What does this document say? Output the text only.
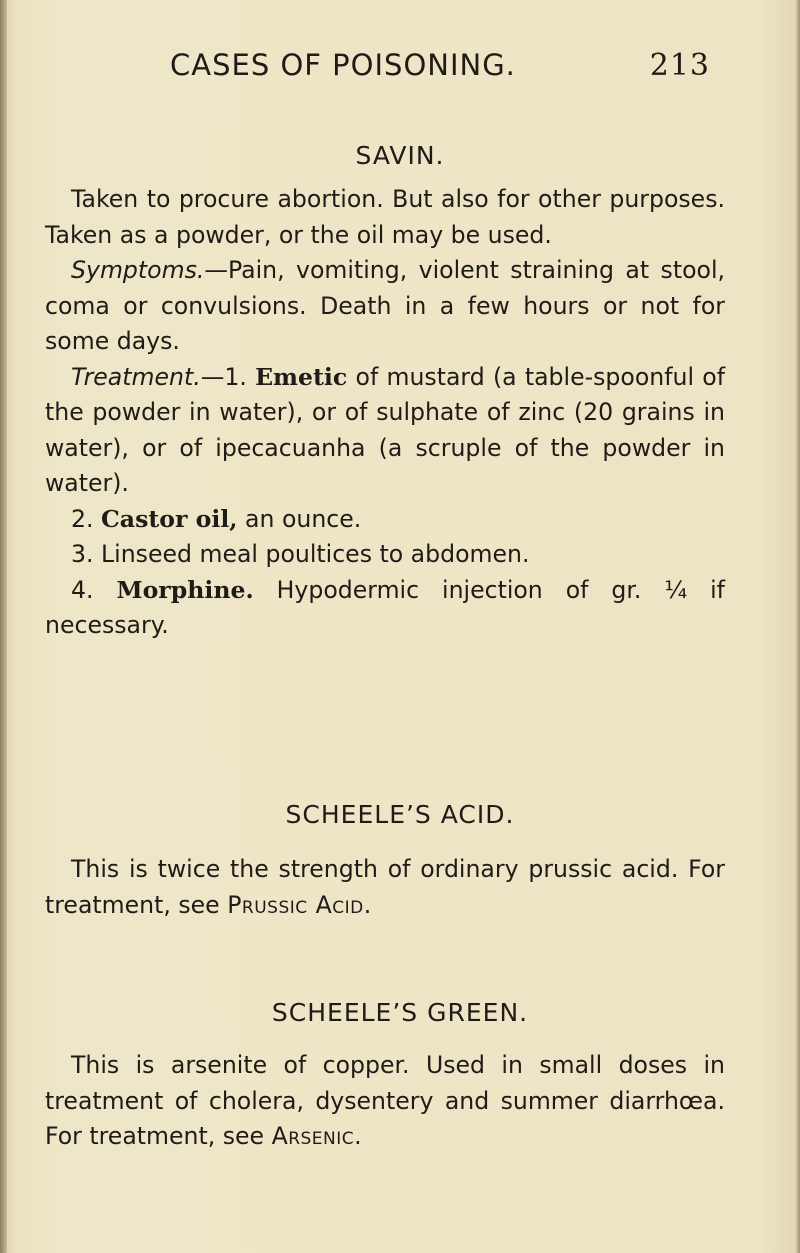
CASES OF POISONING.	213
SAVIN.

Taken to procure abortion. But also for other purposes. Taken as a powder, or the oil may be used.

Symptoms.—Pain, vomiting, violent straining at stool, coma or convulsions. Death in a few hours or not for some days.

Treatment.—1. Emetic of mustard (a table-spoonful of the powder in water), or of sulphate of zinc (20 grains in water), or of ipecacuanha (a scruple of the powder in water).

2. Castor oil, an ounce.

3. Linseed meal poultices to abdomen.

4. Morphine. Hypodermic injection of gr. ¼ if necessary.

SCHEELE’S ACID.

This is twice the strength of ordinary prussic acid. For treatment, see Prussic Acid.

SCHEELE’S GREEN.

This is arsenite of copper. Used in small doses in treatment of cholera, dysentery and summer diarrhœa. For treatment, see Arsenic.
